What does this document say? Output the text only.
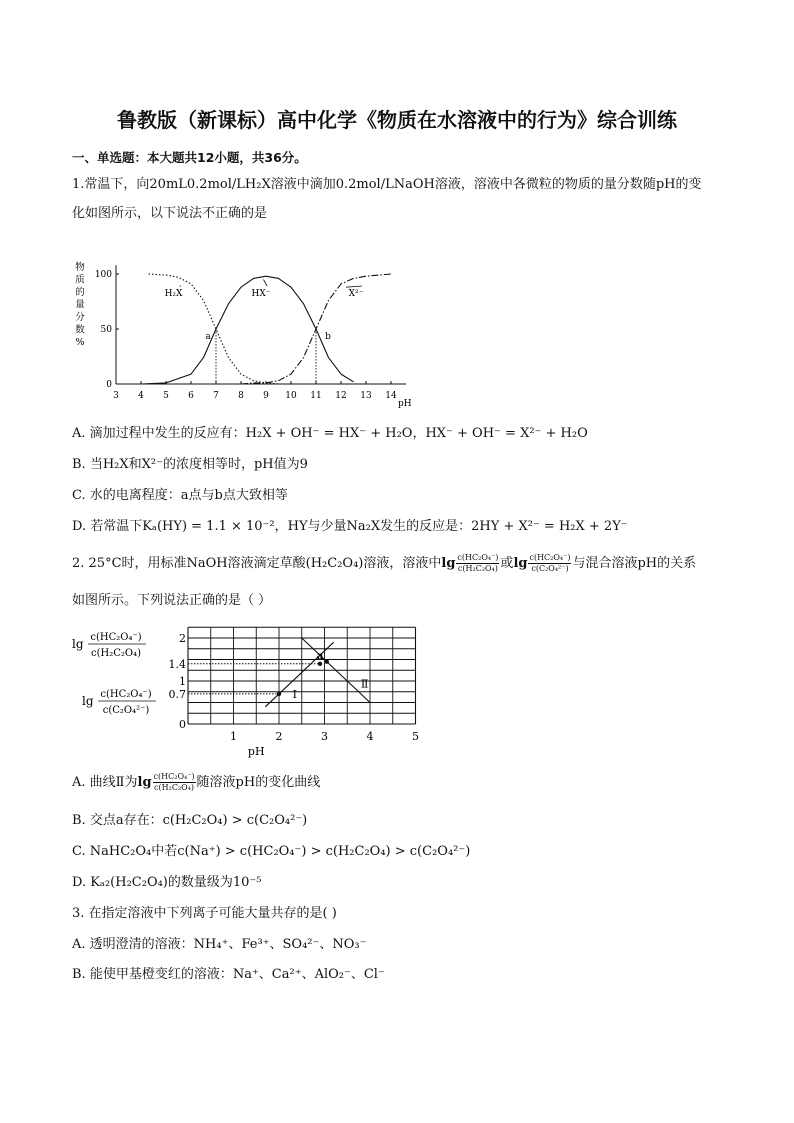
鲁教版（新课标）高中化学《物质在水溶液中的行为》综合训练
一、单选题：本大题共12小题，共36分。
1.常温下，向20mL0.2mol/LH₂X溶液中滴加0.2mol/LNaOH溶液，溶液中各微粒的物质的量分数随pH的变
化如图所示，以下说法不正确的是
3 4 5 6 7 8 9 10 11 12 13 14
0
50
100
pH
物
质
的
量
分
数
%
H₂X	HX⁻	X²⁻
a	b
A. 滴加过程中发生的反应有：H₂X + OH⁻ = HX⁻ + H₂O，HX⁻ + OH⁻ = X²⁻ + H₂O
B. 当H₂X和X²⁻的浓度相等时，pH值为9
C. 水的电离程度：a点与b点大致相等
D. 若常温下Kₐ(HY) = 1.1 × 10⁻²，HY与少量Na₂X发生的反应是：2HY + X²⁻ = H₂X + 2Y⁻
2. 25°C时，用标准NaOH溶液滴定草酸(H₂C₂O₄)溶液，溶液中 $\lg \frac{\text{c(HC₂O₄⁻)}}{\text{c(H₂C₂O₄)}}$ 或 $\lg \frac{\text{c(HC₂O₄⁻)}}{\text{c(C₂O₄²⁻)}}$ 与混合溶液pH的关系
如图所示。下列说法正确的是（ ）
lg c(HC₂O₄⁻)
c(H₂C₂O₄)
lg c(HC₂O₄⁻)
c(C₂O₄²⁻)
1	2	3	4	5
pH
0
0.7
1
1.4
2
Ⅰ
Ⅱ
a
A. 曲线Ⅱ为 $\lg \frac{\text{c(HC₂O₄⁻)}}{\text{c(H₂C₂O₄)}}$ 随溶液pH的变化曲线
B. 交点a存在：c(H₂C₂O₄) > c(C₂O₄²⁻)
C. NaHC₂O₄中若c(Na⁺) > c(HC₂O₄⁻) > c(H₂C₂O₄) > c(C₂O₄²⁻)
D. Kₐ₂(H₂C₂O₄)的数量级为10⁻⁵
3. 在指定溶液中下列离子可能大量共存的是( )
A. 透明澄清的溶液：NH₄⁺、Fe³⁺、SO₄²⁻、NO₃⁻
B. 能使甲基橙变红的溶液：Na⁺、Ca²⁺、AlO₂⁻、Cl⁻
